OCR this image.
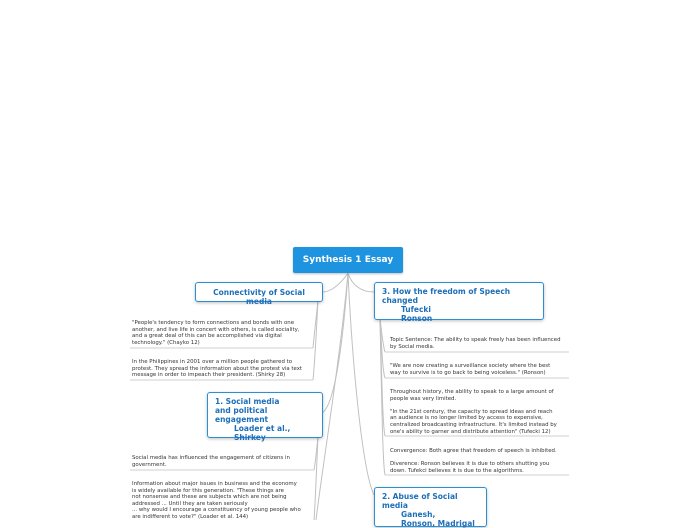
Synthesis 1 Essay
Connectivity of Social media
3. How the freedom of Speech changed
Tufecki
Ronson
1. Social media
and political engagement
Loader et al.,
Shirkey
2. Abuse of Social media
Ganesh,
Ronson, Madrigal
"People's tendency to form connections and bonds with one
another, and live life in concert with others, is called sociality,
and a great deal of this can be accomplished via digital
technology." (Chayko 12)
In the Philippines in 2001 over a million people gathered to
protest. They spread the information about the protest via text
message in order to impeach their president. (Shirky 28)
Social media has influenced the engagement of citizens in
government.
Information about major issues in business and the economy
is widely available for this generation. "These things are
not nonsense and these are subjects which are not being
addressed ... Until they are taken seriously
... why would I encourage a constituency of young people who
are indifferent to vote?" (Loader et al. 144)
Topic Sentence: The ability to speak freely has been influenced
by Social media.
"We are now creating a surveillance society where the best
way to survive is to go back to being voiceless." (Ronson)
Throughout history, the ability to speak to a large amount of
people was very limited.

"In the 21st century, the capacity to spread ideas and reach
an audience is no longer limited by access to expensive,
centralized broadcasting infrastructure. It's limited instead by
one's ability to garner and distribute attention" (Tufecki 12)
Convergence: Both agree that freedom of speech is inhibited.

Diverence: Ronson believes it is due to others shutting you
down. Tufekci believes it is due to the algorithms.
